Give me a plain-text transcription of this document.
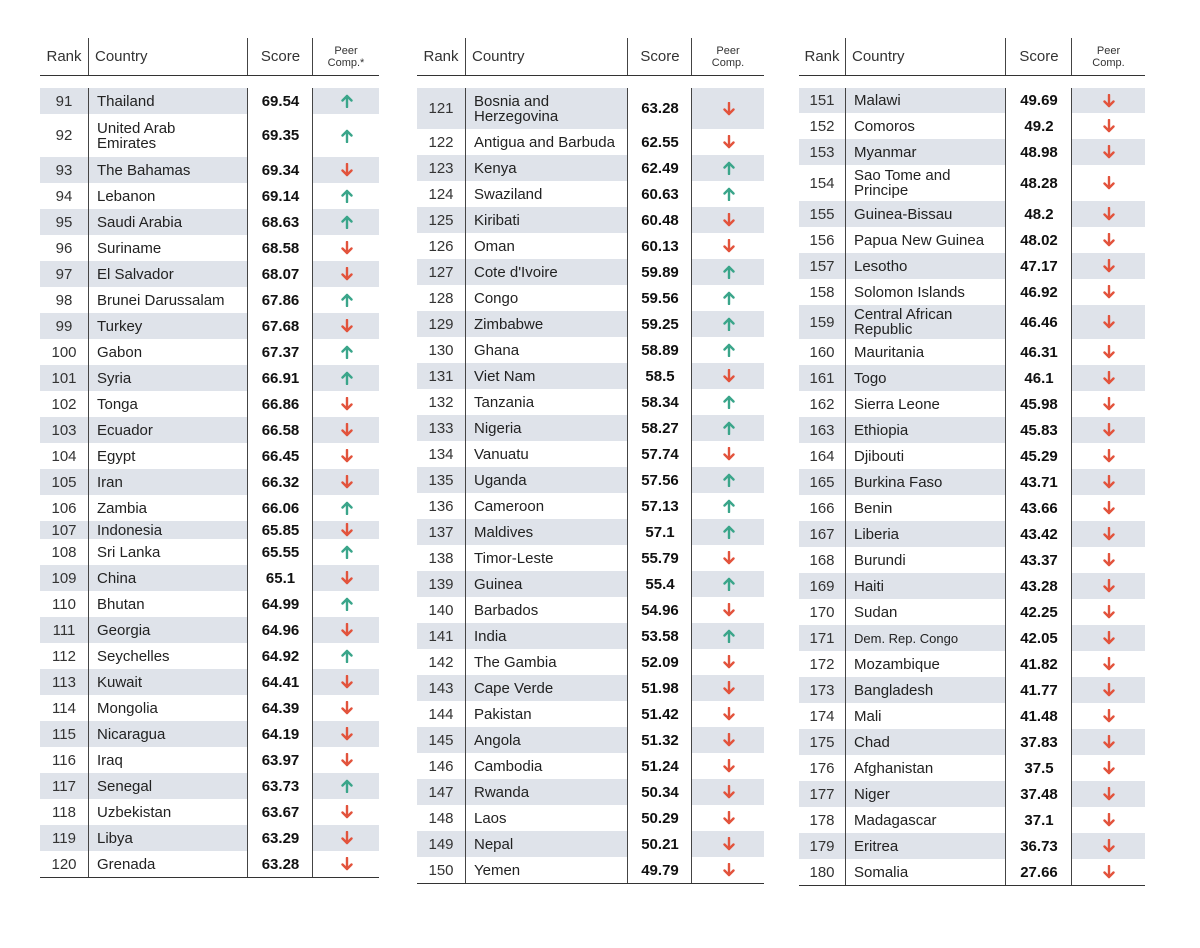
Rank Country	Score	Peer
Comp.*
91	Thailand	69.54
92	United Arab
Emirates	69.35
93	The Bahamas	69.34
94	Lebanon	69.14
95	Saudi Arabia	68.63
96	Suriname	68.58
97	El Salvador	68.07
98	Brunei Darussalam	67.86
99	Turkey	67.68
100	Gabon	67.37
101	Syria	66.91
102	Tonga	66.86
103	Ecuador	66.58
104	Egypt	66.45
105	Iran	66.32
106	Zambia	66.06
107	Indonesia	65.85
108	Sri Lanka	65.55
109	China	65.1
110	Bhutan	64.99
111	Georgia	64.96
112	Seychelles	64.92
113	Kuwait	64.41
114	Mongolia	64.39
115	Nicaragua	64.19
116	Iraq	63.97
117	Senegal	63.73
118	Uzbekistan	63.67
119	Libya	63.29
120	Grenada	63.28
Rank Country	Score	Peer
Comp.
121	Bosnia and
Herzegovina	63.28
122	Antigua and Barbuda	62.55
123	Kenya	62.49
124	Swaziland	60.63
125	Kiribati	60.48
126	Oman	60.13
127	Cote d'Ivoire	59.89
128	Congo	59.56
129	Zimbabwe	59.25
130	Ghana	58.89
131	Viet Nam	58.5
132	Tanzania	58.34
133	Nigeria	58.27
134	Vanuatu	57.74
135	Uganda	57.56
136	Cameroon	57.13
137	Maldives	57.1
138	Timor-Leste	55.79
139	Guinea	55.4
140	Barbados	54.96
141	India	53.58
142	The Gambia	52.09
143	Cape Verde	51.98
144	Pakistan	51.42
145	Angola	51.32
146	Cambodia	51.24
147	Rwanda	50.34
148	Laos	50.29
149	Nepal	50.21
150	Yemen	49.79
Rank Country	Score	Peer
Comp.
151	Malawi	49.69
152	Comoros	49.2
153	Myanmar	48.98
154	Sao Tome and
Principe	48.28
155	Guinea-Bissau	48.2
156	Papua New Guinea	48.02
157	Lesotho	47.17
158	Solomon Islands	46.92
159	Central African
Republic	46.46
160	Mauritania	46.31
161	Togo	46.1
162	Sierra Leone	45.98
163	Ethiopia	45.83
164	Djibouti	45.29
165	Burkina Faso	43.71
166	Benin	43.66
167	Liberia	43.42
168	Burundi	43.37
169	Haiti	43.28
170	Sudan	42.25
171	Dem. Rep. Congo	42.05
172	Mozambique	41.82
173	Bangladesh	41.77
174	Mali	41.48
175	Chad	37.83
176	Afghanistan	37.5
177	Niger	37.48
178	Madagascar	37.1
179	Eritrea	36.73
180	Somalia	27.66
